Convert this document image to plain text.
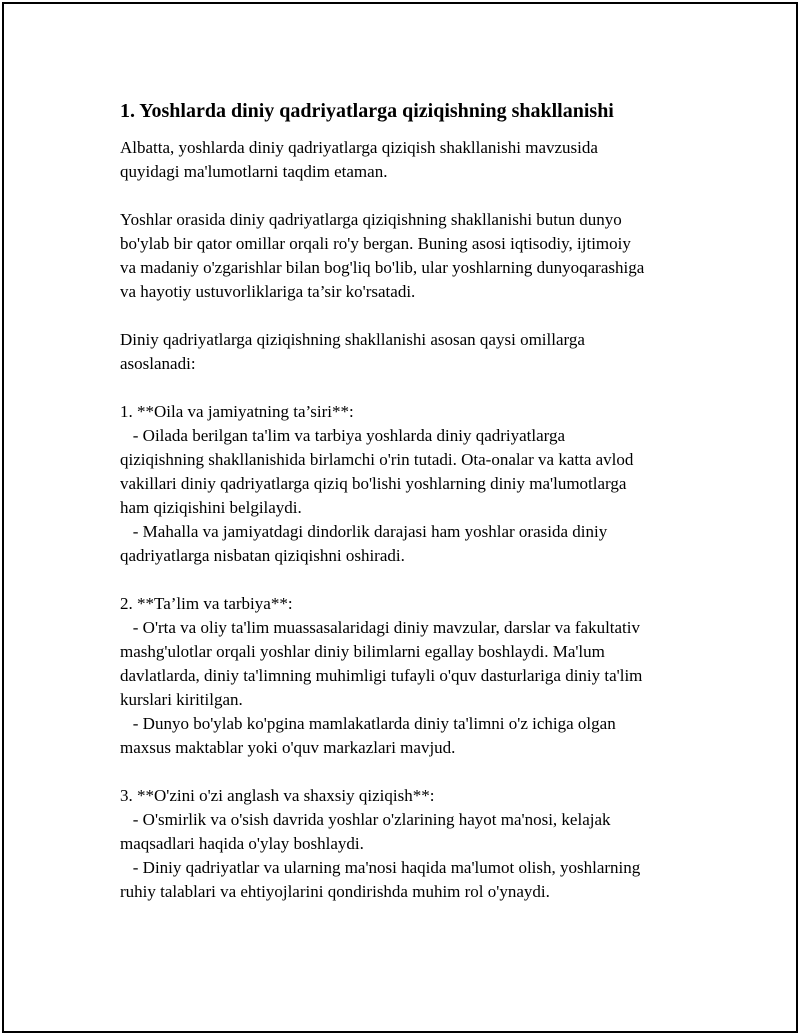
1. Yoshlarda diniy qadriyatlarga qiziqishning shakllanishi
Albatta, yoshlarda diniy qadriyatlarga qiziqish shakllanishi mavzusida
quyidagi ma'lumotlarni taqdim etaman.
Yoshlar orasida diniy qadriyatlarga qiziqishning shakllanishi butun dunyo
bo'ylab bir qator omillar orqali ro'y bergan. Buning asosi iqtisodiy, ijtimoiy
va madaniy o'zgarishlar bilan bog'liq bo'lib, ular yoshlarning dunyoqarashiga
va hayotiy ustuvorliklariga ta’sir ko'rsatadi.
Diniy qadriyatlarga qiziqishning shakllanishi asosan qaysi omillarga
asoslanadi:
1. **Oila va jamiyatning ta’siri**:
- Oilada berilgan ta'lim va tarbiya yoshlarda diniy qadriyatlarga
qiziqishning shakllanishida birlamchi o'rin tutadi. Ota-onalar va katta avlod
vakillari diniy qadriyatlarga qiziq bo'lishi yoshlarning diniy ma'lumotlarga
ham qiziqishini belgilaydi.
- Mahalla va jamiyatdagi dindorlik darajasi ham yoshlar orasida diniy
qadriyatlarga nisbatan qiziqishni oshiradi.
2. **Ta’lim va tarbiya**:
- O'rta va oliy ta'lim muassasalaridagi diniy mavzular, darslar va fakultativ
mashg'ulotlar orqali yoshlar diniy bilimlarni egallay boshlaydi. Ma'lum
davlatlarda, diniy ta'limning muhimligi tufayli o'quv dasturlariga diniy ta'lim
kurslari kiritilgan.
- Dunyo bo'ylab ko'pgina mamlakatlarda diniy ta'limni o'z ichiga olgan
maxsus maktablar yoki o'quv markazlari mavjud.
3. **O'zini o'zi anglash va shaxsiy qiziqish**:
- O'smirlik va o'sish davrida yoshlar o'zlarining hayot ma'nosi, kelajak
maqsadlari haqida o'ylay boshlaydi.
- Diniy qadriyatlar va ularning ma'nosi haqida ma'lumot olish, yoshlarning
ruhiy talablari va ehtiyojlarini qondirishda muhim rol o'ynaydi.
